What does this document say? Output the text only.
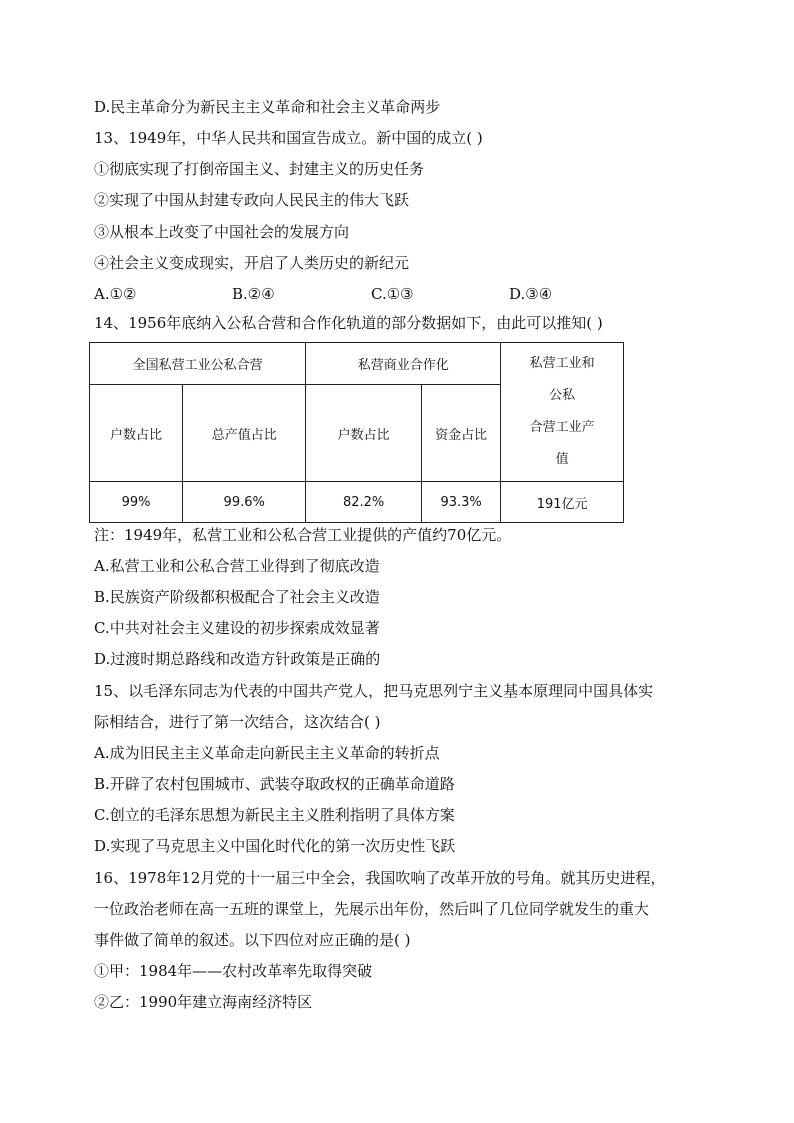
D.民主革命分为新民主主义革命和社会主义革命两步
13、1949年，中华人民共和国宣告成立。新中国的成立( )
①彻底实现了打倒帝国主义、封建主义的历史任务
②实现了中国从封建专政向人民民主的伟大飞跃
③从根本上改变了中国社会的发展方向
④社会主义变成现实，开启了人类历史的新纪元
A.①②	B.②④	C.①③	D.③④
14、1956年底纳入公私合营和合作化轨道的部分数据如下，由此可以推知( )
全国私营工业公私合营		私营商业合作化		私营工业和
公私
合营工业产
值

户数占比	总产值占比	户数占比	资金占比	
99%	99.6%	82.2%	93.3%	191亿元
注：1949年，私营工业和公私合营工业提供的产值约70亿元。
A.私营工业和公私合营工业得到了彻底改造
B.民族资产阶级都积极配合了社会主义改造
C.中共对社会主义建设的初步探索成效显著
D.过渡时期总路线和改造方针政策是正确的
15、以毛泽东同志为代表的中国共产党人，把马克思列宁主义基本原理同中国具体实
际相结合，进行了第一次结合，这次结合( )
A.成为旧民主主义革命走向新民主主义革命的转折点
B.开辟了农村包围城市、武装夺取政权的正确革命道路
C.创立的毛泽东思想为新民主主义胜利指明了具体方案
D.实现了马克思主义中国化时代化的第一次历史性飞跃
16、1978年12月党的十一届三中全会，我国吹响了改革开放的号角。就其历史进程，
一位政治老师在高一五班的课堂上，先展示出年份，然后叫了几位同学就发生的重大
事件做了简单的叙述。以下四位对应正确的是( )
①甲：1984年——农村改革率先取得突破
②乙：1990年建立海南经济特区
